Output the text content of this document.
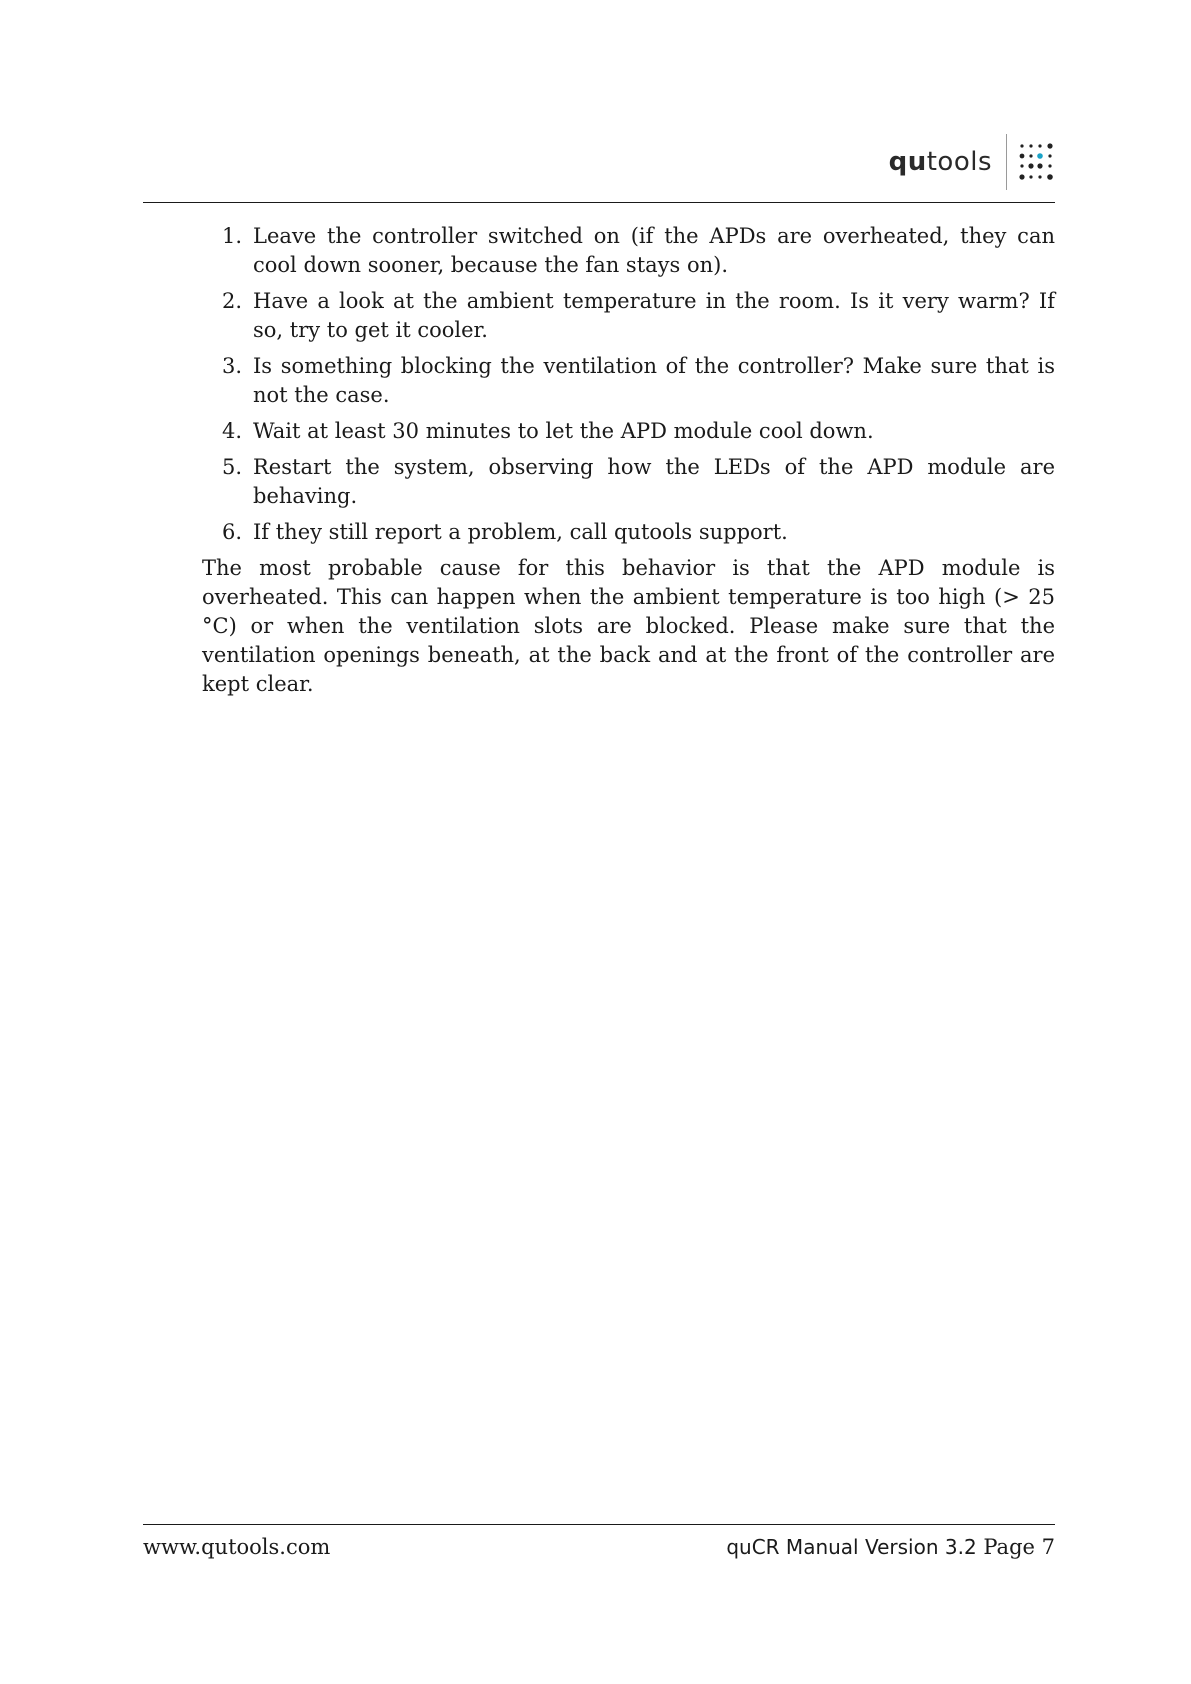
qutools
1. Leave the controller switched on (if the APDs are overheated, they can cool down sooner, because the fan stays on).
2. Have a look at the ambient temperature in the room. Is it very warm? If so, try to get it cooler.
3. Is something blocking the ventilation of the controller? Make sure that is not the case.
4. Wait at least 30 minutes to let the APD module cool down.
5. Restart the system, observing how the LEDs of the APD module are behaving.
6. If they still report a problem, call qutools support.

The most probable cause for this behavior is that the APD module is overheated. This can happen when the ambient temperature is too high (> 25 °C) or when the ventilation slots are blocked. Please make sure that the ventilation openings beneath, at the back and at the front of the controller are kept clear.

www.qutools.com	quCR Manual Version 3.2 Page 7
